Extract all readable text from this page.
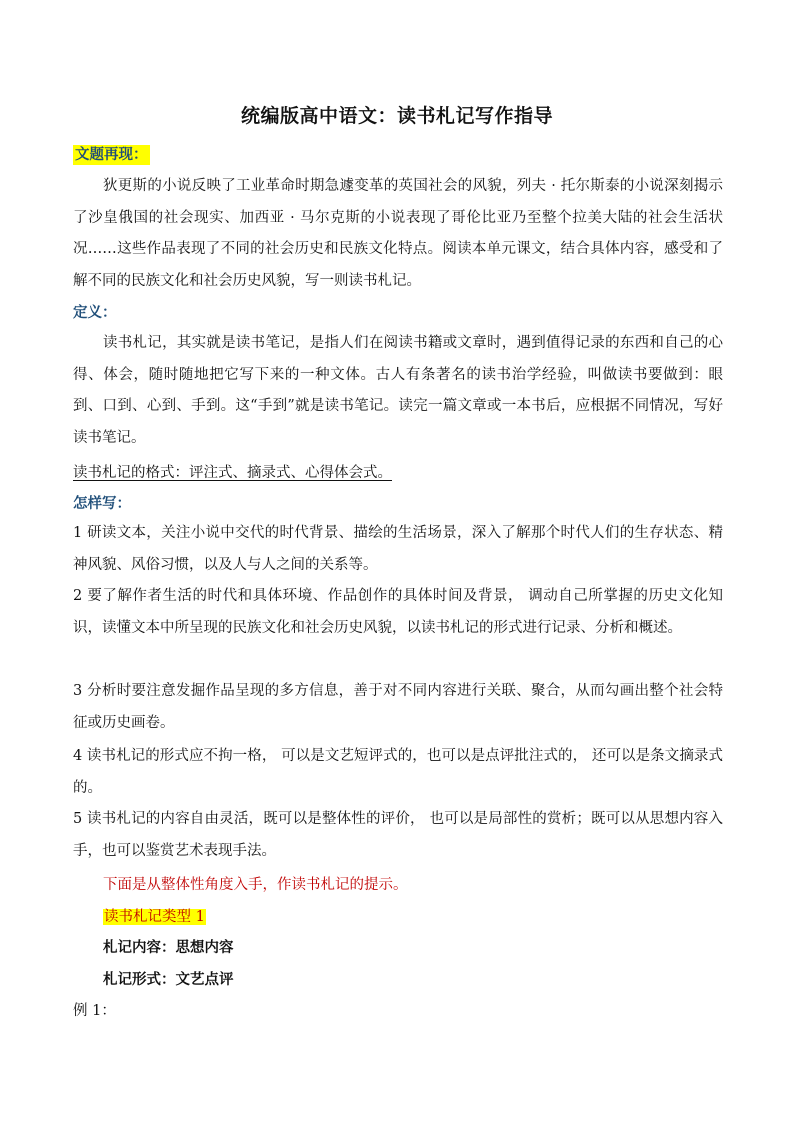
统编版高中语文：读书札记写作指导
文题再现：
狄更斯的小说反映了工业革命时期急遽变革的英国社会的风貌，列夫 · 托尔斯泰的小说深刻揭示了沙皇俄国的社会现实、加西亚 · 马尔克斯的小说表现了哥伦比亚乃至整个拉美大陆的社会生活状况……这些作品表现了不同的社会历史和民族文化特点。阅读本单元课文，结合具体内容，感受和了解不同的民族文化和社会历史风貌，写一则读书札记。
定义：
读书札记，其实就是读书笔记，是指人们在阅读书籍或文章时，遇到值得记录的东西和自己的心得、体会，随时随地把它写下来的一种文体。古人有条著名的读书治学经验，叫做读书要做到：眼到、口到、心到、手到。这“手到”就是读书笔记。读完一篇文章或一本书后，应根据不同情况，写好读书笔记。
读书札记的格式：评注式、摘录式、心得体会式。
怎样写：
1 研读文本，关注小说中交代的时代背景、描绘的生活场景，深入了解那个时代人们的生存状态、精神风貌、风俗习惯，以及人与人之间的关系等。
2 要了解作者生活的时代和具体环境、作品创作的具体时间及背景， 调动自己所掌握的历史文化知识，读懂文本中所呈现的民族文化和社会历史风貌，以读书札记的形式进行记录、分析和概述。
3 分析时要注意发掘作品呈现的多方信息，善于对不同内容进行关联、聚合，从而勾画出整个社会特征或历史画卷。
4 读书札记的形式应不拘一格， 可以是文艺短评式的，也可以是点评批注式的， 还可以是条文摘录式的。
5 读书札记的内容自由灵活，既可以是整体性的评价， 也可以是局部性的赏析；既可以从思想内容入手，也可以鉴赏艺术表现手法。
下面是从整体性角度入手，作读书札记的提示。
读书札记类型 1
札记内容：思想内容
札记形式：文艺点评
例 1：
